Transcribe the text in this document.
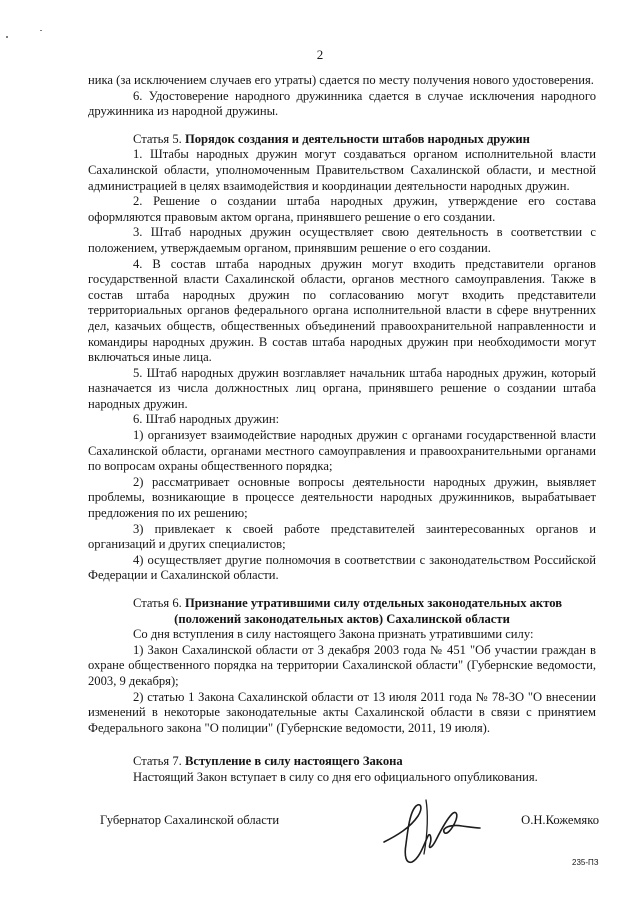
2

ника (за исключением случаев его утраты) сдается по месту получения нового удостоверения.

6. Удостоверение народного дружинника сдается в случае исключения народного дружинника из народной дружины.

Статья 5. Порядок создания и деятельности штабов народных дружин

1. Штабы народных дружин могут создаваться органом исполнительной власти Сахалинской области, уполномоченным Правительством Сахалинской области, и местной администрацией в целях взаимодействия и координации деятельности народных дружин.

2. Решение о создании штаба народных дружин, утверждение его состава оформляются правовым актом органа, принявшего решение о его создании.

3. Штаб народных дружин осуществляет свою деятельность в соответствии с положением, утверждаемым органом, принявшим решение о его создании.

4. В состав штаба народных дружин могут входить представители органов государственной власти Сахалинской области, органов местного самоуправления. Также в состав штаба народных дружин по согласованию могут входить представители территориальных органов федерального органа исполнительной власти в сфере внутренних дел, казачьих обществ, общественных объединений правоохранительной направленности и командиры народных дружин. В состав штаба народных дружин при необходимости могут включаться иные лица.

5. Штаб народных дружин возглавляет начальник штаба народных дружин, который назначается из числа должностных лиц органа, принявшего решение о создании штаба народных дружин.

6. Штаб народных дружин:

1) организует взаимодействие народных дружин с органами государственной власти Сахалинской области, органами местного самоуправления и правоохранительными органами по вопросам охраны общественного порядка;

2) рассматривает основные вопросы деятельности народных дружин, выявляет проблемы, возникающие в процессе деятельности народных дружинников, вырабатывает предложения по их решению;

3) привлекает к своей работе представителей заинтересованных органов и организаций и других специалистов;

4) осуществляет другие полномочия в соответствии с законодательством Российской Федерации и Сахалинской области.

Статья 6. Признание утратившими силу отдельных законодательных актов
(положений законодательных актов) Сахалинской области

Со дня вступления в силу настоящего Закона признать утратившими силу:

1) Закон Сахалинской области от 3 декабря 2003 года № 451 "Об участии граждан в охране общественного порядка на территории Сахалинской области" (Губернские ведомости, 2003, 9 декабря);

2) статью 1 Закона Сахалинской области от 13 июля 2011 года № 78-ЗО "О внесении изменений в некоторые законодательные акты Сахалинской области в связи с принятием Федерального закона "О полиции" (Губернские ведомости, 2011, 19 июля).

Статья 7. Вступление в силу настоящего Закона

Настоящий Закон вступает в силу со дня его официального опубликования.

Губернатор Сахалинской области	О.Н.Кожемяко
235-ПЗ
